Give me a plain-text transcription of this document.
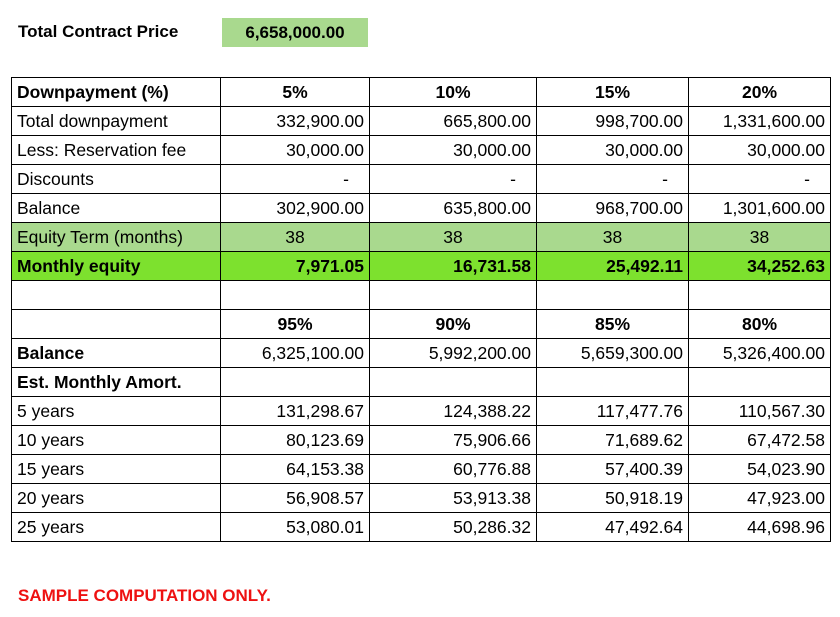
Total Contract Price	6,658,000.00
Downpayment (%)	5%	10%	15%	20%
Total downpayment	332,900.00	665,800.00	998,700.00	1,331,600.00
Less: Reservation fee	30,000.00	30,000.00	30,000.00	30,000.00
Discounts	-	-	-	-
Balance	302,900.00	635,800.00	968,700.00	1,301,600.00
Equity Term (months)	38	38	38	38
Monthly equity	7,971.05	16,731.58	25,492.11	34,252.63

	95%	90%	85%	80%
Balance	6,325,100.00	5,992,200.00	5,659,300.00	5,326,400.00
Est. Monthly Amort.				
5 years	131,298.67	124,388.22	117,477.76	110,567.30
10 years	80,123.69	75,906.66	71,689.62	67,472.58
15 years	64,153.38	60,776.88	57,400.39	54,023.90
20 years	56,908.57	53,913.38	50,918.19	47,923.00
25 years	53,080.01	50,286.32	47,492.64	44,698.96
SAMPLE COMPUTATION ONLY.
